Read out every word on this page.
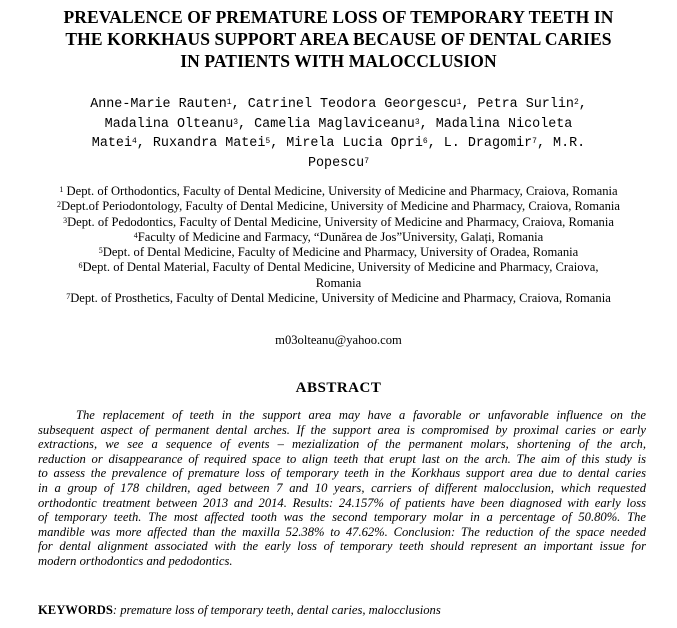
PREVALENCE OF PREMATURE LOSS OF TEMPORARY TEETH IN
THE KORKHAUS SUPPORT AREA BECAUSE OF DENTAL CARIES
IN PATIENTS WITH MALOCCLUSION
Anne-Marie Rauten$^1$, Catrinel Teodora Georgescu$^1$, Petra Surlin$^2$,
Madalina Olteanu$^3$, Camelia Maglaviceanu$^3$, Madalina Nicoleta
Matei$^4$, Ruxandra Matei$^5$, Mirela Lucia Opri$^6$, L. Dragomir$^7$, M.R.
Popescu$^7$
$^1$ Dept. of Orthodontics, Faculty of Dental Medicine, University of Medicine and Pharmacy, Craiova, Romania
$^2$Dept.of Periodontology, Faculty of Dental Medicine, University of Medicine and Pharmacy, Craiova, Romania
$^3$Dept. of Pedodontics, Faculty of Dental Medicine, University of Medicine and Pharmacy, Craiova, Romania
$^4$Faculty of Medicine and Farmacy, “Dunărea de Jos”University, Galați, Romania
$^5$Dept. of Dental Medicine, Faculty of Medicine and Pharmacy, University of Oradea, Romania
$^6$Dept. of Dental Material, Faculty of Dental Medicine, University of Medicine and Pharmacy, Craiova,
Romania
$^7$Dept. of Prosthetics, Faculty of Dental Medicine, University of Medicine and Pharmacy, Craiova, Romania
m03olteanu@yahoo.com
ABSTRACT
The replacement of teeth in the support area may have a favorable or unfavorable influence on the
subsequent aspect of permanent dental arches. If the support area is compromised by proximal caries or early
extractions, we see a sequence of events – mezialization of the permanent molars, shortening of the arch,
reduction or disappearance of required space to align teeth that erupt last on the arch. The aim of this study is
to assess the prevalence of premature loss of temporary teeth in the Korkhaus support area due to dental caries
in a group of 178 children, aged between 7 and 10 years, carriers of different malocclusion, which requested
orthodontic treatment between 2013 and 2014. Results: 24.157% of patients have been diagnosed with early loss
of temporary teeth. The most affected tooth was the second temporary molar in a percentage of 50.80%. The
mandible was more affected than the maxilla 52.38% to 47.62%. Conclusion: The reduction of the space needed
for dental alignment associated with the early loss of temporary teeth should represent an important issue for
modern orthodontics and pedodontics.
KEYWORDS: premature loss of temporary teeth, dental caries, malocclusions
